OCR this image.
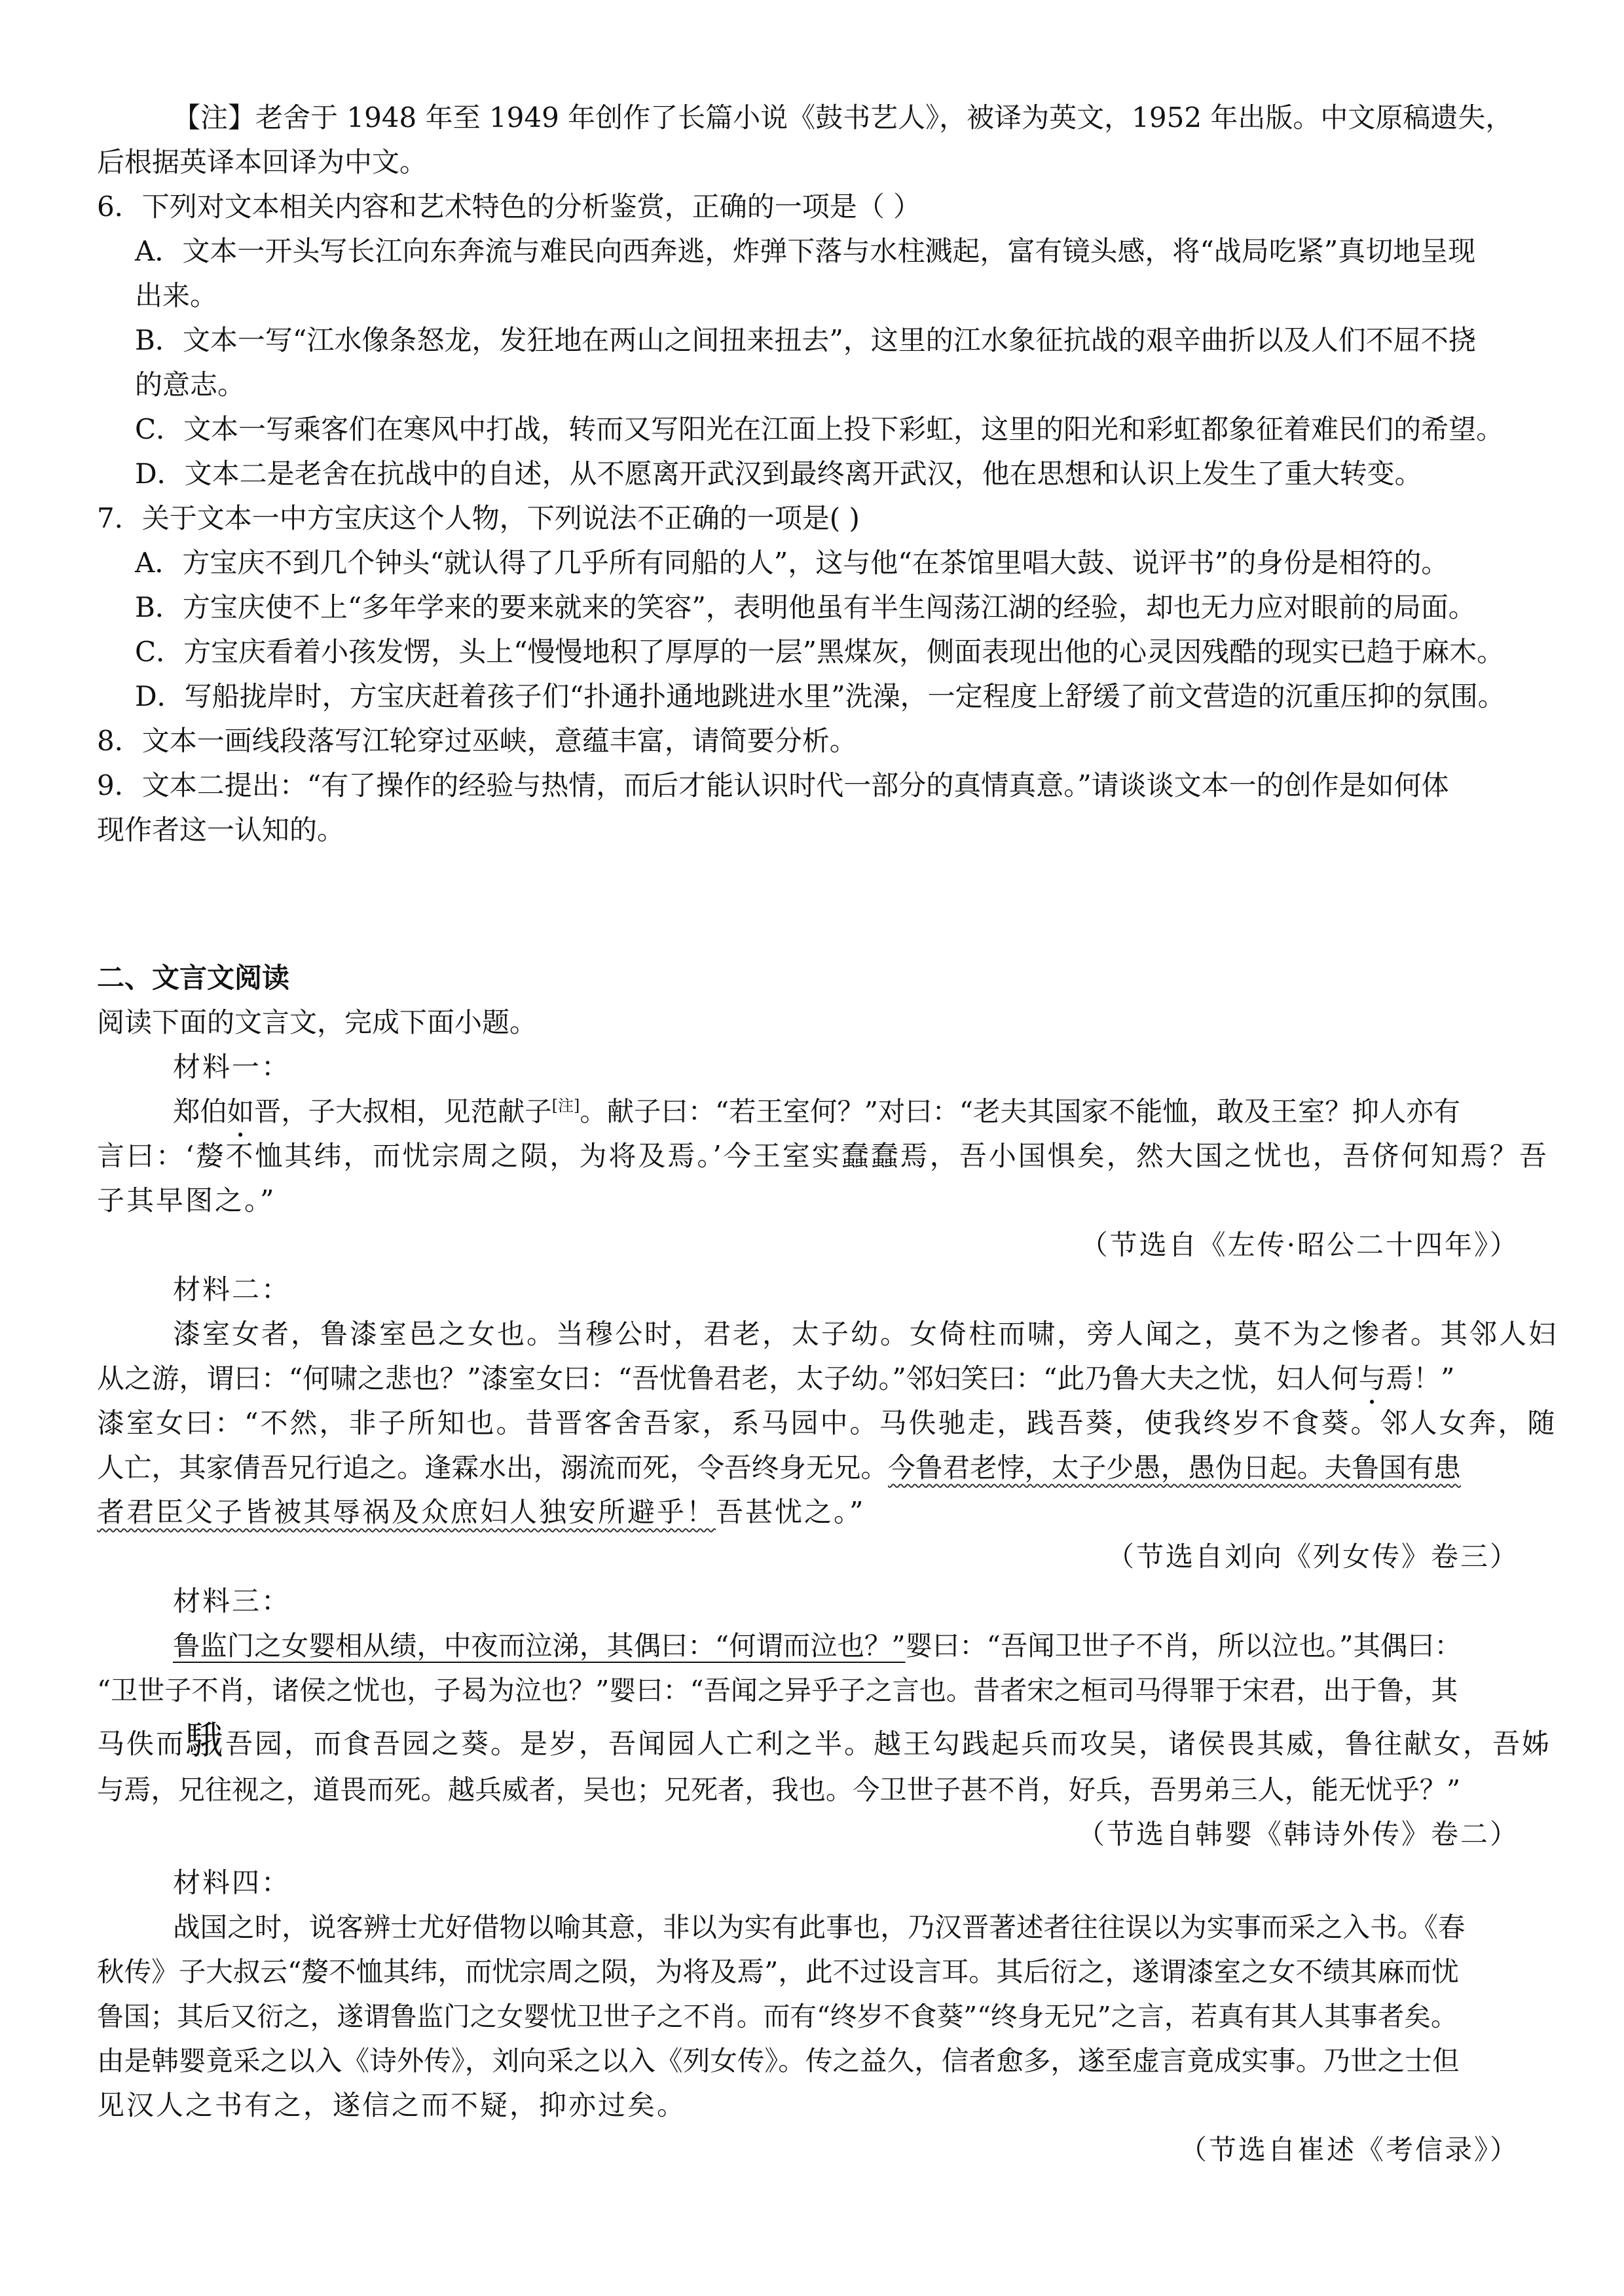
【注】老舍于 1948 年至 1949 年创作了长篇小说《鼓书艺人》，被译为英文，1952 年出版。中文原稿遗失，
后根据英译本回译为中文。
6．下列对文本相关内容和艺术特色的分析鉴赏，正确的一项是（ ）
A．文本一开头写长江向东奔流与难民向西奔逃，炸弹下落与水柱溅起，富有镜头感，将“战局吃紧”真切地呈现
出来。
B．文本一写“江水像条怒龙，发狂地在两山之间扭来扭去”，这里的江水象征抗战的艰辛曲折以及人们不屈不挠
的意志。
C．文本一写乘客们在寒风中打战，转而又写阳光在江面上投下彩虹，这里的阳光和彩虹都象征着难民们的希望。
D．文本二是老舍在抗战中的自述，从不愿离开武汉到最终离开武汉，他在思想和认识上发生了重大转变。
7．关于文本一中方宝庆这个人物，下列说法不正确的一项是( )
A．方宝庆不到几个钟头“就认得了几乎所有同船的人”，这与他“在茶馆里唱大鼓、说评书”的身份是相符的。
B．方宝庆使不上“多年学来的要来就来的笑容”，表明他虽有半生闯荡江湖的经验，却也无力应对眼前的局面。
C．方宝庆看着小孩发愣，头上“慢慢地积了厚厚的一层”黑煤灰，侧面表现出他的心灵因残酷的现实已趋于麻木。
D．写船拢岸时，方宝庆赶着孩子们“扑通扑通地跳进水里”洗澡，一定程度上舒缓了前文营造的沉重压抑的氛围。
8．文本一画线段落写江轮穿过巫峡，意蕴丰富，请简要分析。
9．文本二提出：“有了操作的经验与热情，而后才能认识时代一部分的真情真意。”请谈谈文本一的创作是如何体
现作者这一认知的。
二、文言文阅读
阅读下面的文言文，完成下面小题。
材料一：
郑伯如晋，子大叔相，见范献子[注]。献子曰：“若王室何？”对曰：“老夫其国家不能恤，敢及王室？抑人亦有
言曰：‘嫠不恤其纬，而忧宗周之陨，为将及焉。’今王室实蠢蠢焉，吾小国惧矣，然大国之忧也，吾侪何知焉？吾
子其早图之。”
（节选自《左传·昭公二十四年》）
材料二：
漆室女者，鲁漆室邑之女也。当穆公时，君老，太子幼。女倚柱而啸，旁人闻之，莫不为之惨者。其邻人妇
从之游，谓曰：“何啸之悲也？”漆室女曰：“吾忧鲁君老，太子幼。”邻妇笑曰：“此乃鲁大夫之忧，妇人何与焉！”
漆室女曰：“不然，非子所知也。昔晋客舍吾家，系马园中。马佚驰走，践吾葵，使我终岁不食葵。邻人女奔，随
人亡，其家倩吾兄行追之。逢霖水出，溺流而死，令吾终身无兄。今鲁君老悖，太子少愚，愚伪日起。夫鲁国有患
者君臣父子皆被其辱祸及众庶妇人独安所避乎！吾甚忧之。”
（节选自刘向《列女传》卷三）
材料三：
鲁监门之女婴相从绩，中夜而泣涕，其偶曰：“何谓而泣也？”婴曰：“吾闻卫世子不肖，所以泣也。”其偶曰：
“卫世子不肖，诸侯之忧也，子曷为泣也？”婴曰：“吾闻之异乎子之言也。昔者宋之桓司马得罪于宋君，出于鲁，其
马佚而騀吾园，而食吾园之葵。是岁，吾闻园人亡利之半。越王勾践起兵而攻吴，诸侯畏其威，鲁往献女，吾姊
与焉，兄往视之，道畏而死。越兵威者，吴也；兄死者，我也。今卫世子甚不肖，好兵，吾男弟三人，能无忧乎？”
（节选自韩婴《韩诗外传》卷二）
材料四：
战国之时，说客辨士尤好借物以喻其意，非以为实有此事也，乃汉晋著述者往往误以为实事而采之入书。《春
秋传》子大叔云“嫠不恤其纬，而忧宗周之陨，为将及焉”，此不过设言耳。其后衍之，遂谓漆室之女不绩其麻而忧
鲁国；其后又衍之，遂谓鲁监门之女婴忧卫世子之不肖。而有“终岁不食葵”“终身无兄”之言，若真有其人其事者矣。
由是韩婴竟采之以入《诗外传》，刘向采之以入《列女传》。传之益久，信者愈多，遂至虚言竟成实事。乃世之士但
见汉人之书有之，遂信之而不疑，抑亦过矣。
（节选自崔述《考信录》）
